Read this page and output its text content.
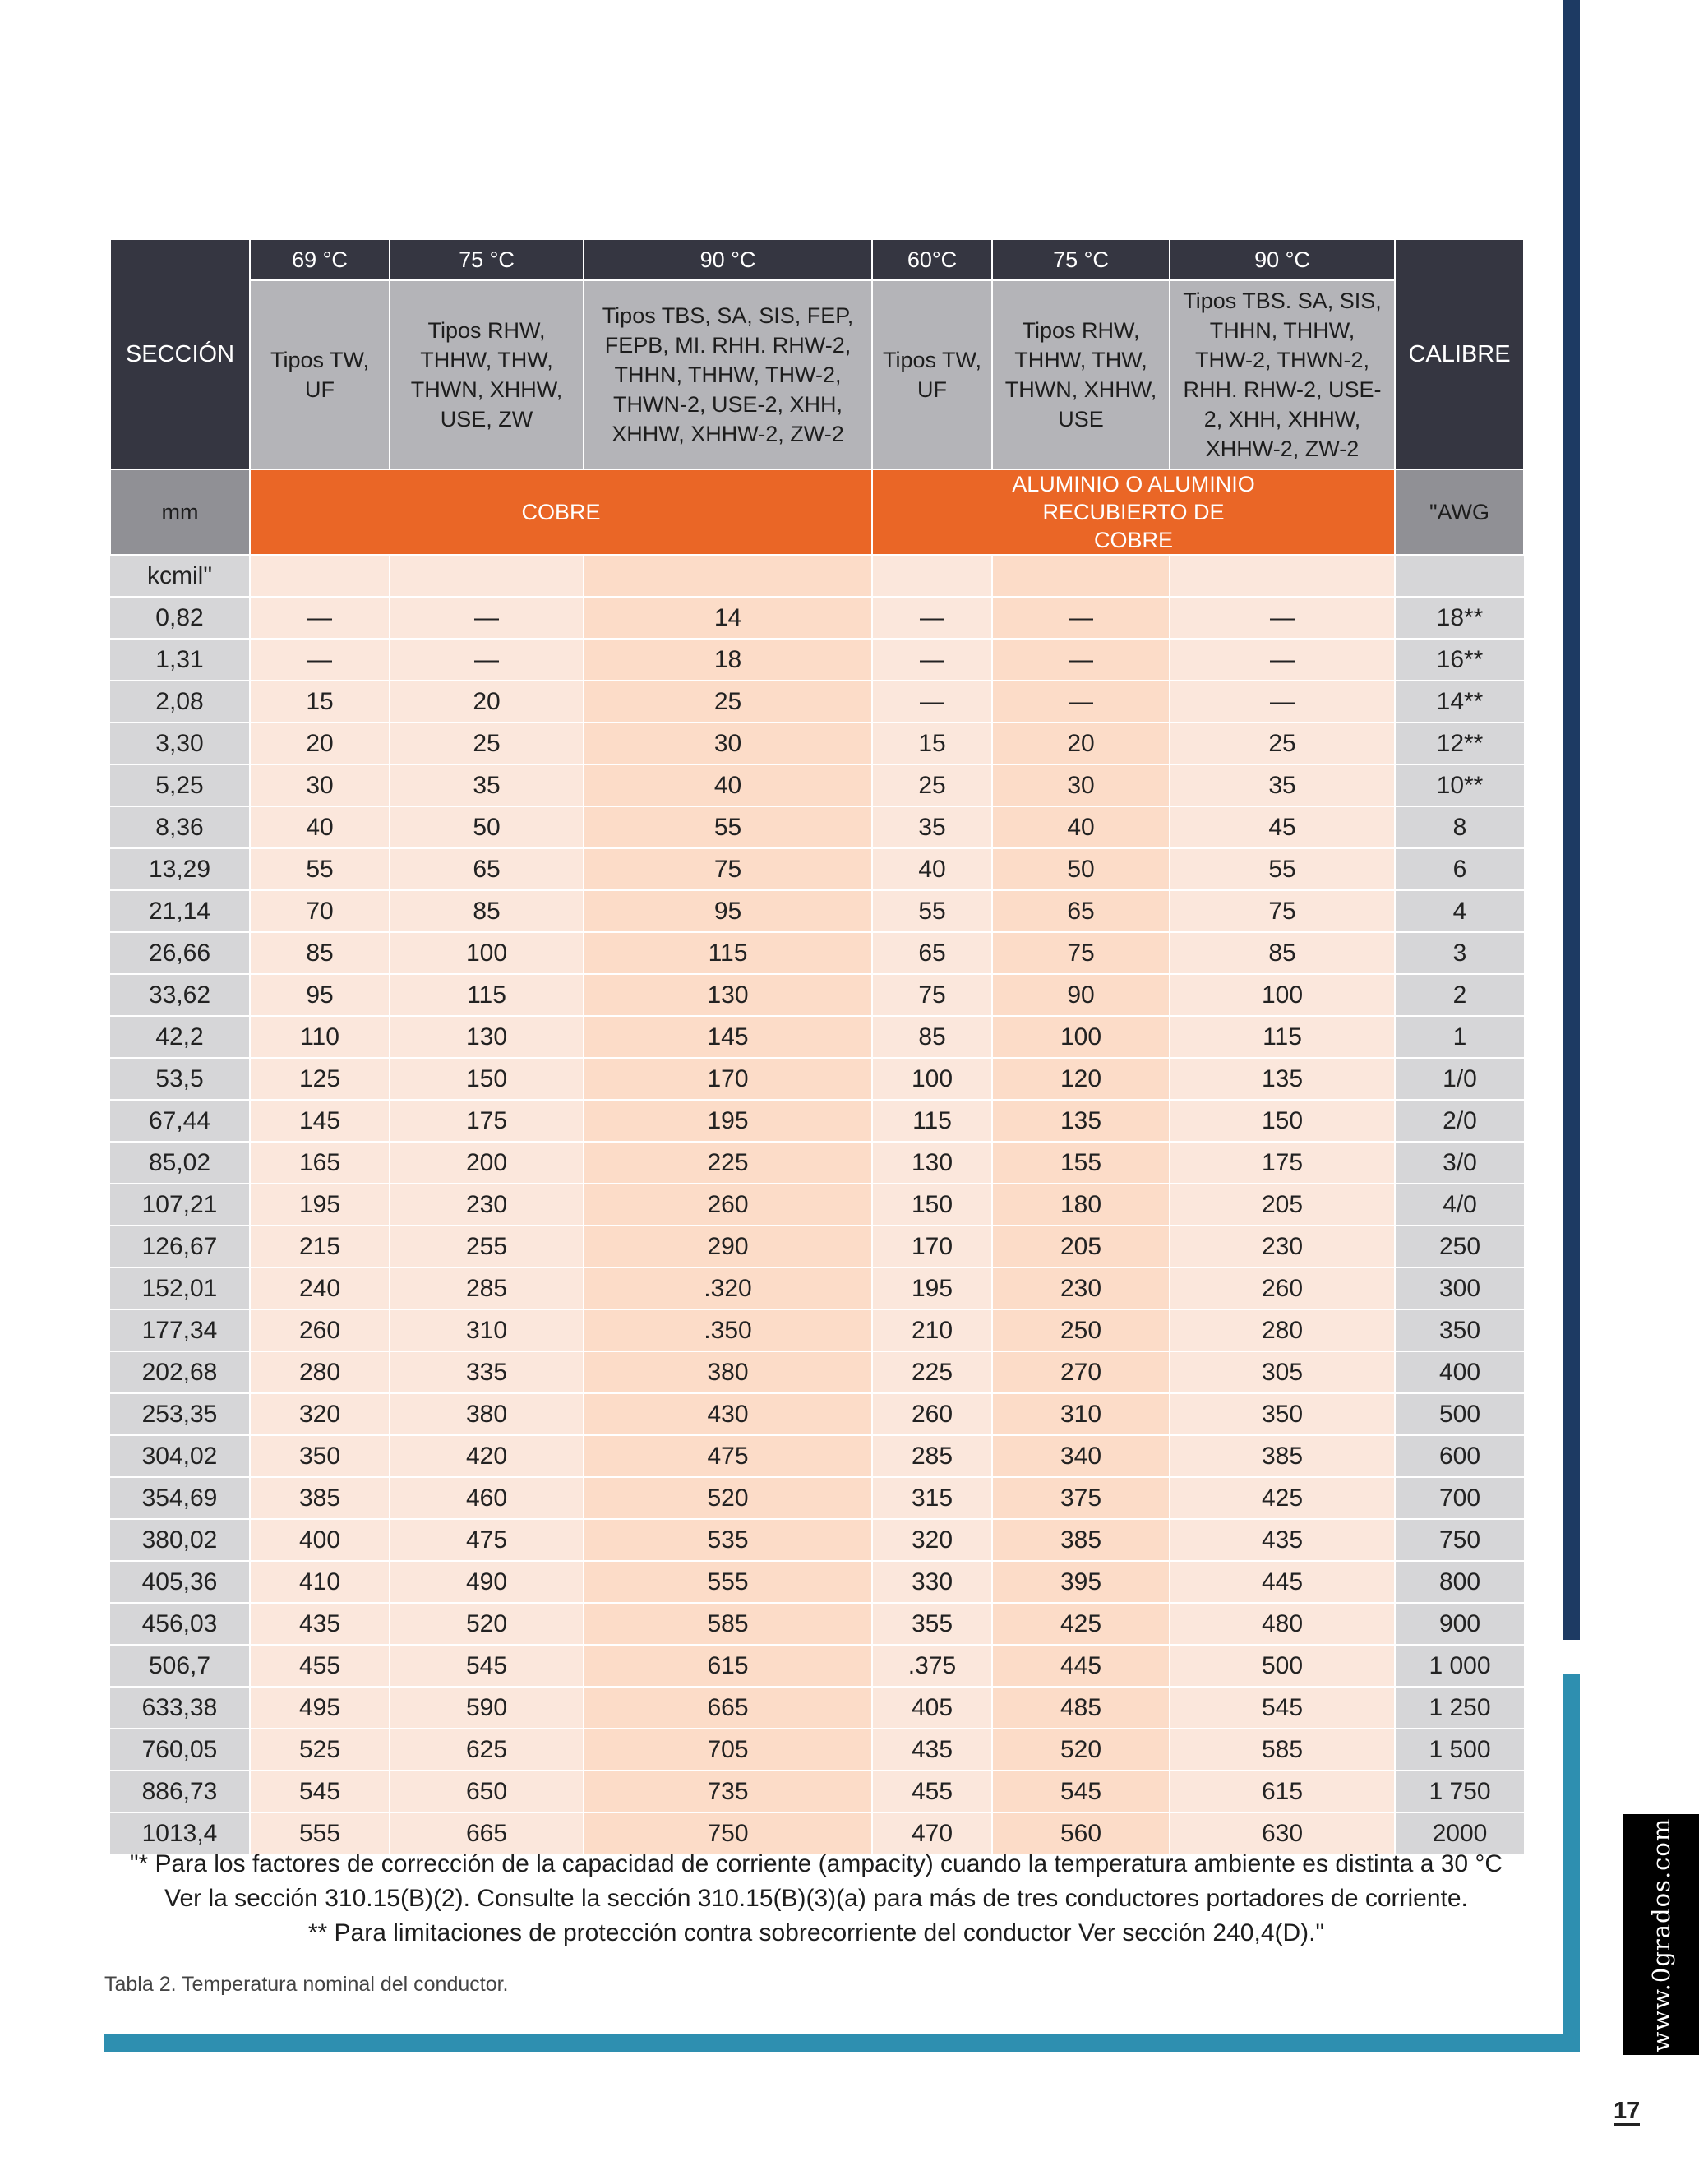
www.0grados.com
17
SECCIÓN	69 °C	75 °C	90 °C	60°C	75 °C	90 °C	CALIBRE
	Tipos TW, UF	Tipos RHW, THHW, THW, THWN, XHHW, USE, ZW	Tipos TBS, SA, SIS, FEP, FEPB, MI. RHH. RHW-2, THHN, THHW, THW-2, THWN-2, USE-2, XHH, XHHW, XHHW-2, ZW-2	Tipos TW, UF	Tipos RHW, THHW, THW, THWN, XHHW, USE	Tipos TBS. SA, SIS, THHN, THHW, THW-2, THWN-2, RHH. RHW-2, USE-2, XHH, XHHW, XHHW-2, ZW-2	
mm	COBRE			ALUMINIO O ALUMINIO RECUBIERTO DE COBRE			"AWG
kcmil"							
0,82	—	—	14	—	—	—	18**
1,31	—	—	18	—	—	—	16**
2,08	15	20	25	—	—	—	14**
3,30	20	25	30	15	20	25	12**
5,25	30	35	40	25	30	35	10**
8,36	40	50	55	35	40	45	8
13,29	55	65	75	40	50	55	6
21,14	70	85	95	55	65	75	4
26,66	85	100	115	65	75	85	3
33,62	95	115	130	75	90	100	2
42,2	110	130	145	85	100	115	1
53,5	125	150	170	100	120	135	1/0
67,44	145	175	195	115	135	150	2/0
85,02	165	200	225	130	155	175	3/0
107,21	195	230	260	150	180	205	4/0
126,67	215	255	290	170	205	230	250
152,01	240	285	.320	195	230	260	300
177,34	260	310	.350	210	250	280	350
202,68	280	335	380	225	270	305	400
253,35	320	380	430	260	310	350	500
304,02	350	420	475	285	340	385	600
354,69	385	460	520	315	375	425	700
380,02	400	475	535	320	385	435	750
405,36	410	490	555	330	395	445	800
456,03	435	520	585	355	425	480	900
506,7	455	545	615	.375	445	500	1 000
633,38	495	590	665	405	485	545	1 250
760,05	525	625	705	435	520	585	1 500
886,73	545	650	735	455	545	615	1 750
1013,4	555	665	750	470	560	630	2000
"* Para los factores de corrección de la capacidad de corriente (ampacity) cuando la temperatura ambiente es distinta a 30 °C
Ver la sección 310.15(B)(2). Consulte la sección 310.15(B)(3)(a) para más de tres conductores portadores de corriente.
** Para limitaciones de protección contra sobrecorriente del conductor Ver sección 240,4(D)."
Tabla 2. Temperatura nominal del conductor.
